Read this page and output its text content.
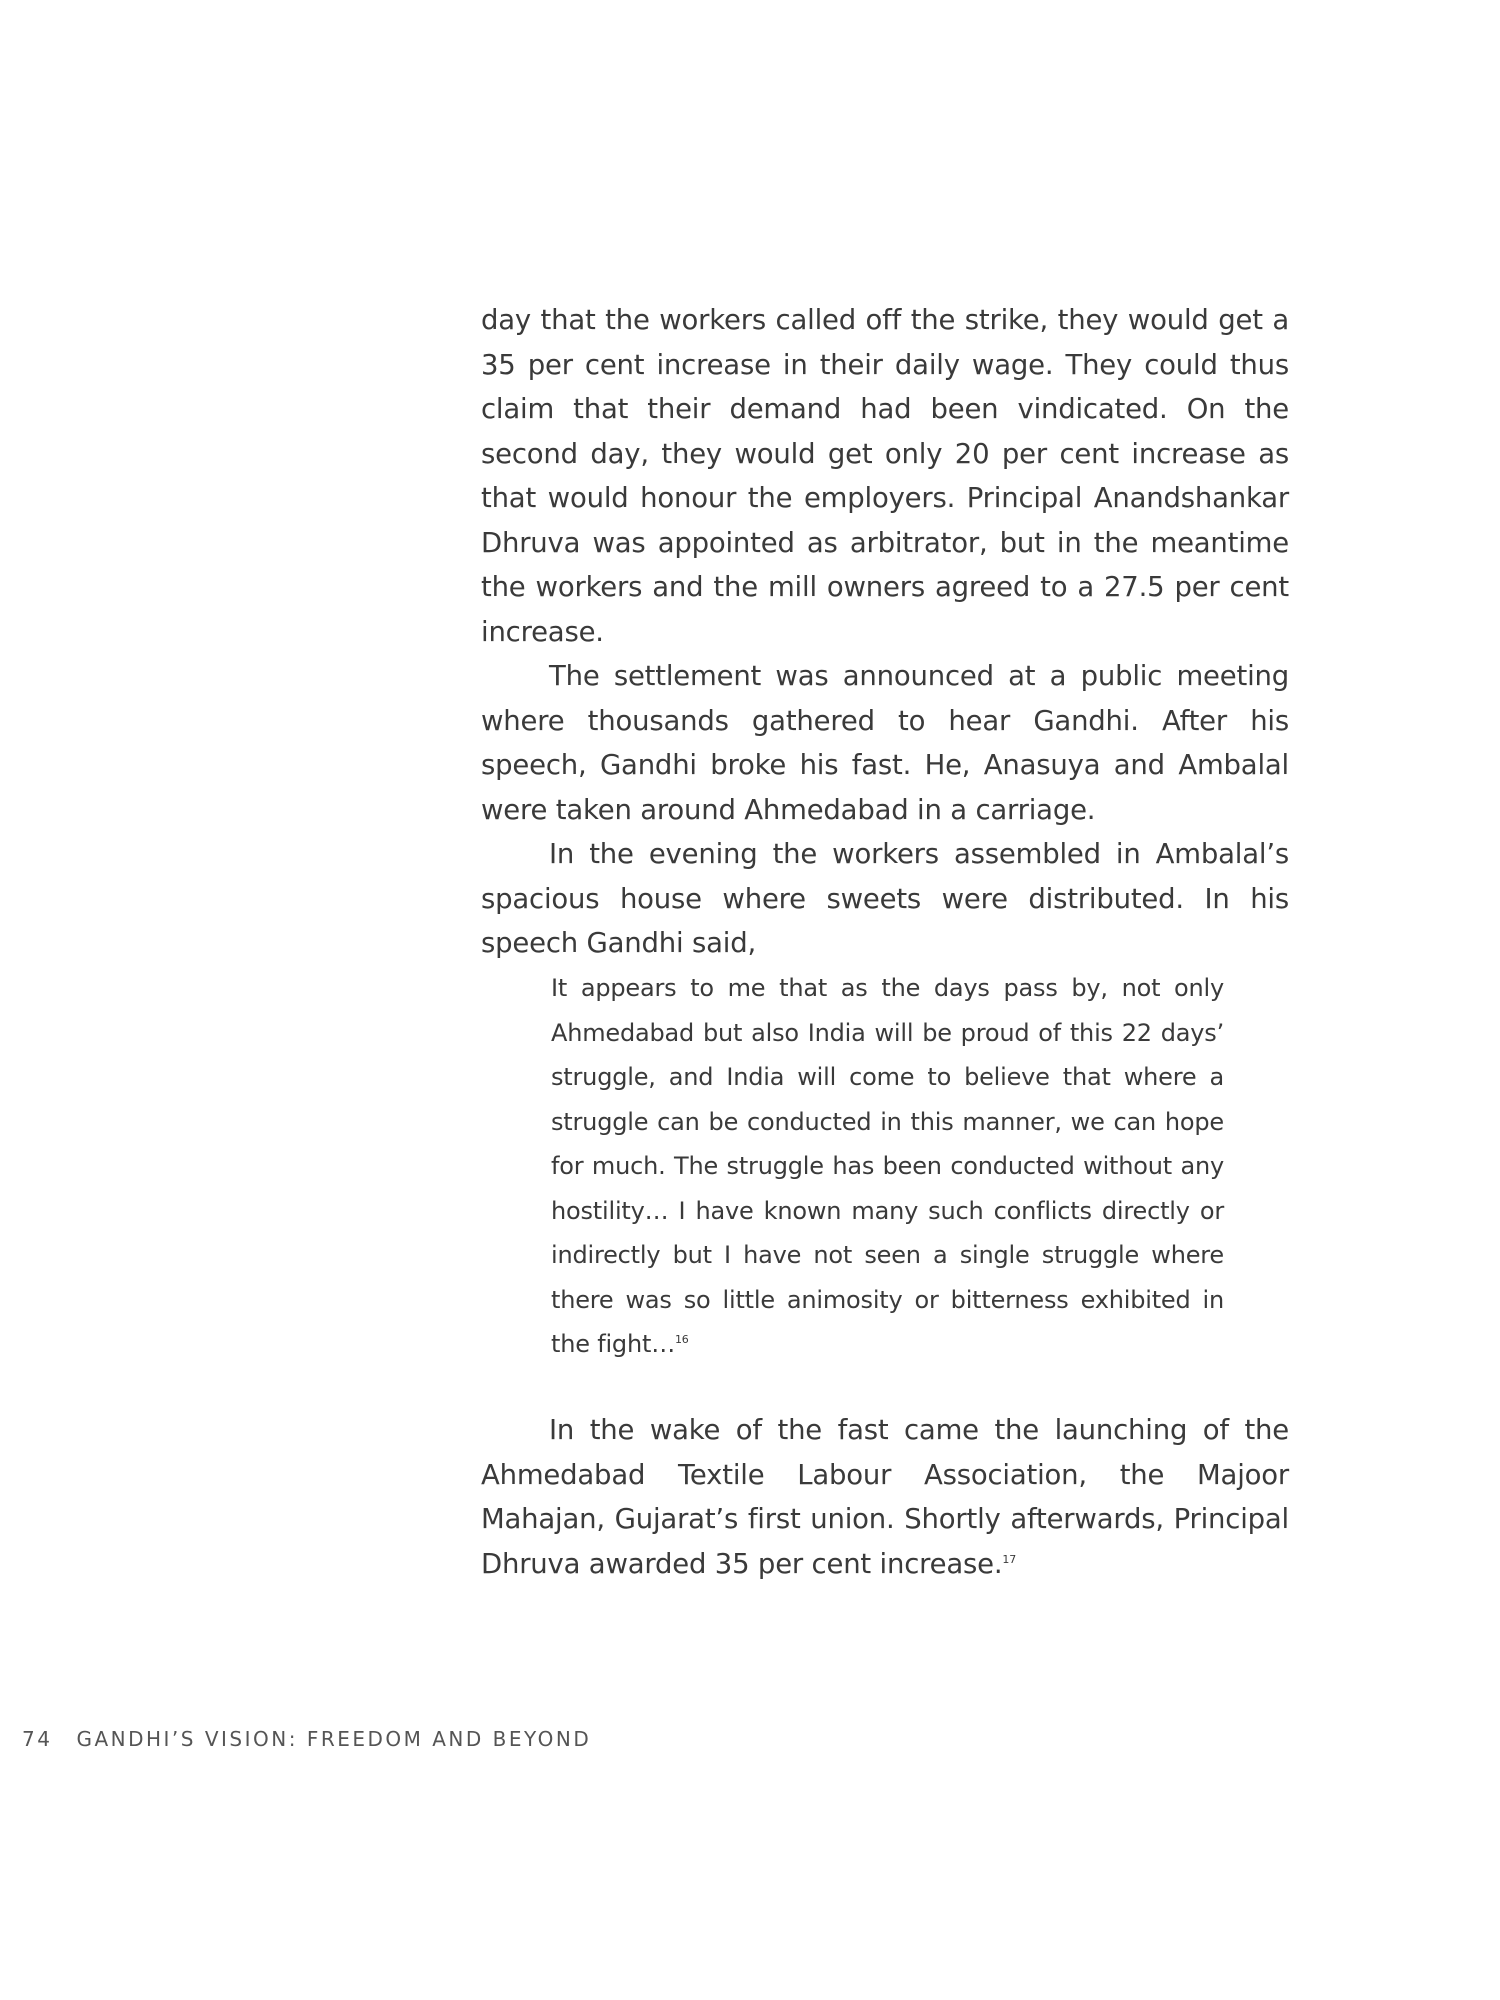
day that the workers called off the strike, they would get a 35 per cent increase in their daily wage. They could thus claim that their demand had been vindicated. On the second day, they would get only 20 per cent increase as that would honour the employers. Principal Anandshankar Dhruva was appointed as arbitrator, but in the meantime the workers and the mill owners agreed to a 27.5 per cent increase.

The settlement was announced at a public meeting where thousands gathered to hear Gandhi. After his speech, Gandhi broke his fast. He, Anasuya and Ambalal were taken around Ahmedabad in a carriage.

In the evening the workers assembled in Ambalal’s spacious house where sweets were distributed. In his speech Gandhi said,

It appears to me that as the days pass by, not only Ahmedabad but also India will be proud of this 22 days’ struggle, and India will come to believe that where a struggle can be conducted in this manner, we can hope for much. The struggle has been conducted without any hostility… I have known many such conflicts directly or indirectly but I have not seen a single struggle where there was so little animosity or bitterness exhibited in the fight…$^{16}$

In the wake of the fast came the launching of the Ahmedabad Textile Labour Association, the Majoor Mahajan, Gujarat’s first union. Shortly afterwards, Principal Dhruva awarded 35 per cent increase.$^{17}$

74 GANDHI’S VISION: FREEDOM AND BEYOND
